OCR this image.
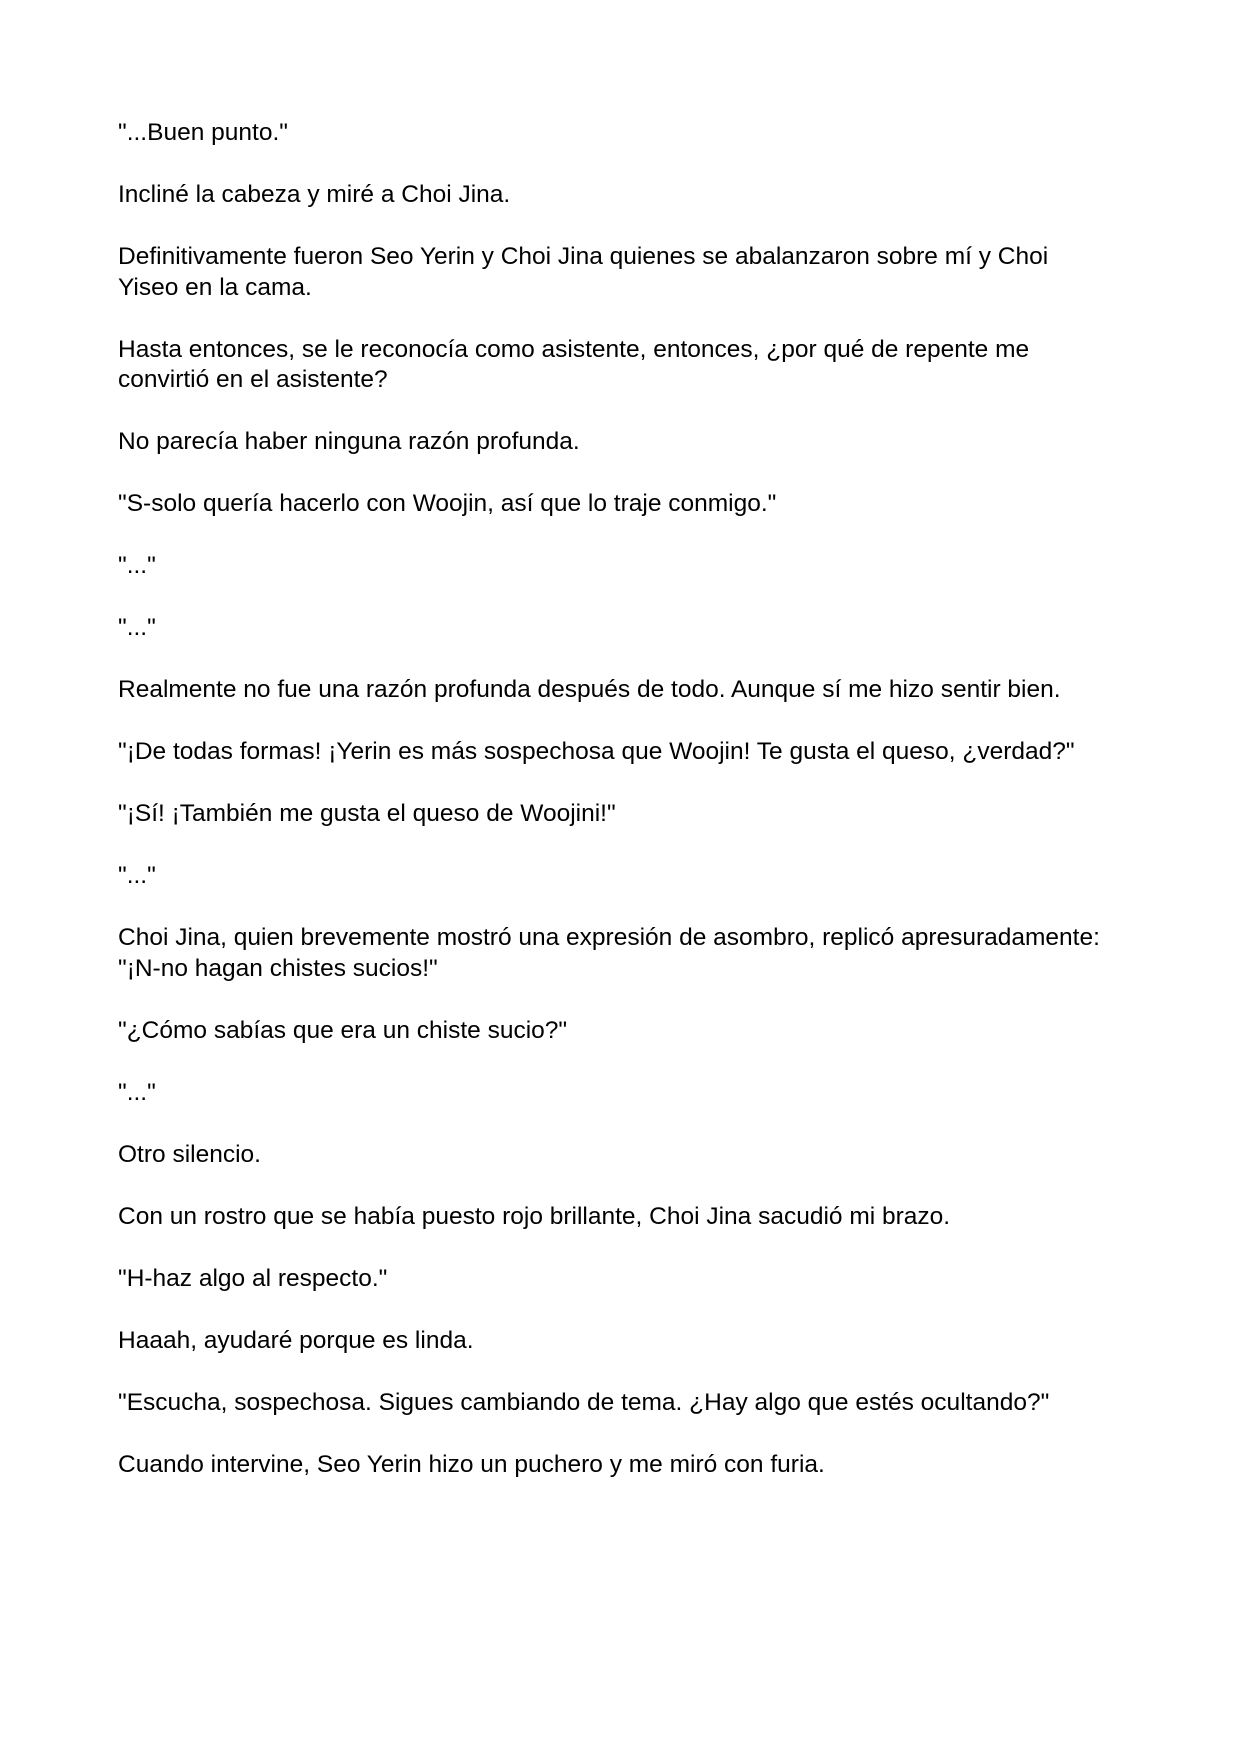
"...Buen punto."

Incliné la cabeza y miré a Choi Jina.

Definitivamente fueron Seo Yerin y Choi Jina quienes se abalanzaron sobre mí y Choi Yiseo en la cama.

Hasta entonces, se le reconocía como asistente, entonces, ¿por qué de repente me convirtió en el asistente?

No parecía haber ninguna razón profunda.

"S-solo quería hacerlo con Woojin, así que lo traje conmigo."

"..."

"..."

Realmente no fue una razón profunda después de todo. Aunque sí me hizo sentir bien.

"¡De todas formas! ¡Yerin es más sospechosa que Woojin! Te gusta el queso, ¿verdad?"

"¡Sí! ¡También me gusta el queso de Woojini!"

"..."

Choi Jina, quien brevemente mostró una expresión de asombro, replicó apresuradamente: "¡N-no hagan chistes sucios!"

"¿Cómo sabías que era un chiste sucio?"

"..."

Otro silencio.

Con un rostro que se había puesto rojo brillante, Choi Jina sacudió mi brazo.

"H-haz algo al respecto."

Haaah, ayudaré porque es linda.

"Escucha, sospechosa. Sigues cambiando de tema. ¿Hay algo que estés ocultando?"

Cuando intervine, Seo Yerin hizo un puchero y me miró con furia.
